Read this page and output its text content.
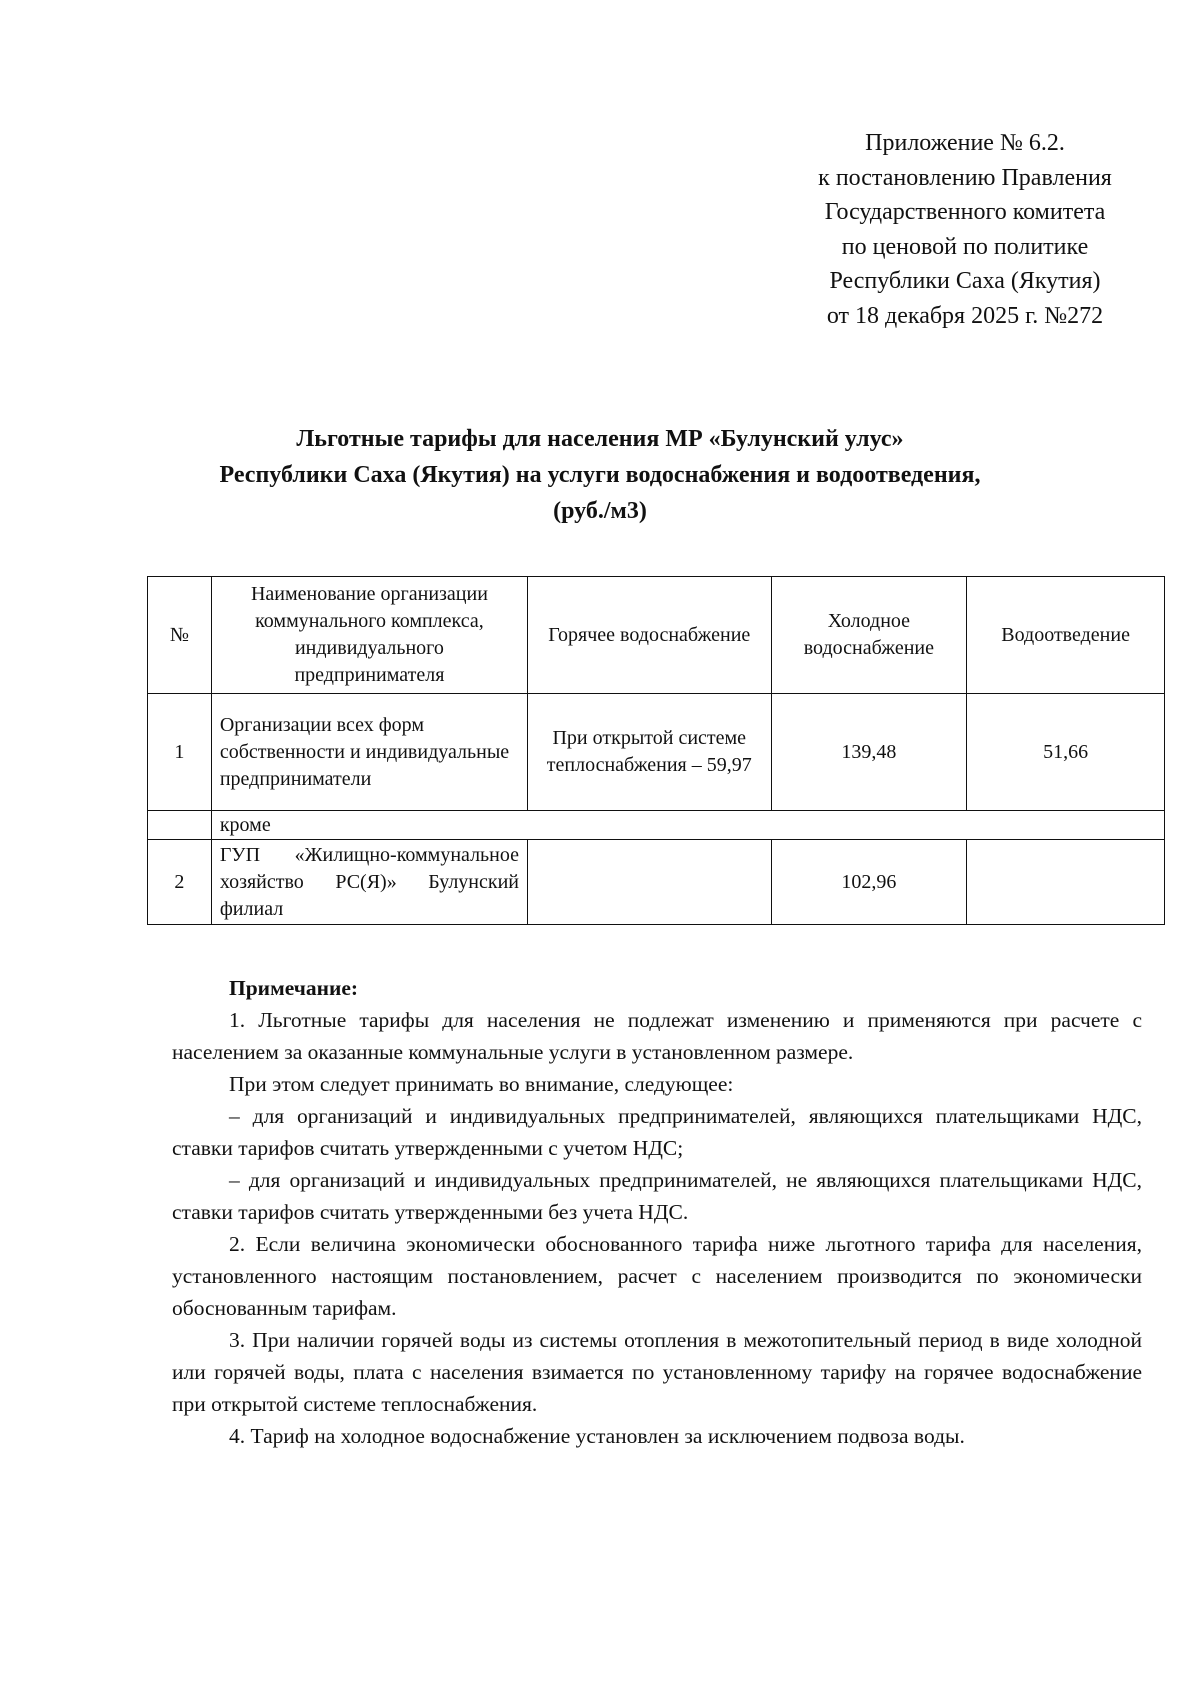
Приложение № 6.2.
к постановлению Правления
Государственного комитета
по ценовой по политике
Республики Саха (Якутия)
от 18 декабря 2025 г. №272
Льготные тарифы для населения МР «Булунский улус»
Республики Саха (Якутия) на услуги водоснабжения и водоотведения,
(руб./м3)
№	Наименование организации коммунального комплекса, индивидуального предпринимателя	Горячее водоснабжение	Холодное водоснабжение	Водоотведение
1	Организации всех форм собственности и индивидуальные предприниматели	При открытой системе теплоснабжения – 59,97	139,48	51,66
	кроме			
2	ГУП «Жилищно-коммунальное
хозяйство РС(Я)» Булунский
филиал		102,96	
Примечание:

1. Льготные тарифы для населения не подлежат изменению и применяются при расчете с населением за оказанные коммунальные услуги в установленном размере.

При этом следует принимать во внимание, следующее:

– для организаций и индивидуальных предпринимателей, являющихся плательщиками НДС, ставки тарифов считать утвержденными с учетом НДС;

– для организаций и индивидуальных предпринимателей, не являющихся плательщиками НДС, ставки тарифов считать утвержденными без учета НДС.

2. Если величина экономически обоснованного тарифа ниже льготного тарифа для населения, установленного настоящим постановлением, расчет с населением производится по экономически обоснованным тарифам.

3. При наличии горячей воды из системы отопления в межотопительный период в виде холодной или горячей воды, плата с населения взимается по установленному тарифу на горячее водоснабжение при открытой системе теплоснабжения.

4. Тариф на холодное водоснабжение установлен за исключением подвоза воды.
